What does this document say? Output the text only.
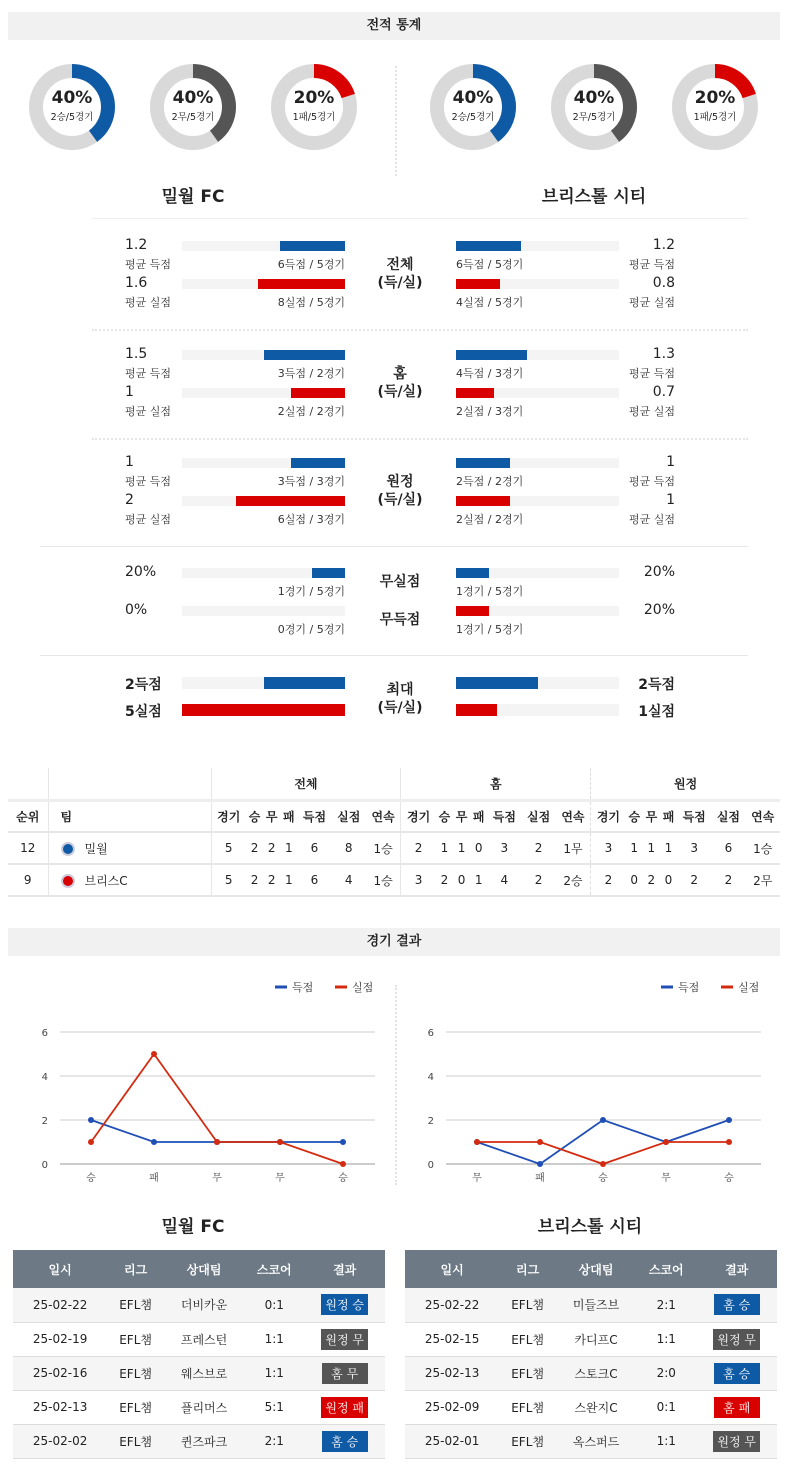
전적 통계
40%
2승/5경기
40%
2무/5경기
20%
1패/5경기
40%
2승/5경기
40%
2무/5경기
20%
1패/5경기
밀월 FC	브리스톨 시티
1.2
평균 득점	6득점 / 5경기
1.2
평균 득점
6득점 / 5경기
1.6
평균 실점	8실점 / 5경기
0.8
평균 실점
4실점 / 5경기
전체
(득/실)
1.5
평균 득점	3득점 / 2경기
1.3
평균 득점
4득점 / 3경기
1
평균 실점	2실점 / 2경기
0.7
평균 실점
2실점 / 3경기
홈
(득/실)
1
평균 득점	3득점 / 3경기
1
평균 득점
2득점 / 2경기
2
평균 실점	6실점 / 3경기
1
평균 실점
2실점 / 2경기
원정
(득/실)
20%
1경기 / 5경기
20%
1경기 / 5경기
무실점
0%
0경기 / 5경기
20%
1경기 / 5경기
무득점
2득점	2득점
5실점	1실점
최대
(득/실)
		전체							홈							원정						
순위	팀	경기	승	무	패	득점	실점	연속	경기	승	무	패	득점	실점	연속	경기	승	무	패	득점	실점	연속
12	밀월	5	2	2	1	6	8	1승	2	1	1	0	3	2	1무	3	1	1	1	3	6	1승
9	브리스C	5	2	2	1	6	4	1승	3	2	0	1	4	2	2승	2	0	2	0	2	2	2무
경기 결과
0
2
4
6
승	패	무	무	승
득점	실점
0
2
4
6
무	패	승	무	승
득점	실점
밀월 FC	브리스톨 시티
일시	리그	상대팀	스코어	결과
25-02-22	EFL챔	더비카운	0:1	원정 승
25-02-19	EFL챔	프레스턴	1:1	원정 무
25-02-16	EFL챔	웨스브로	1:1	홈 무
25-02-13	EFL챔	플리머스	5:1	원정 패
25-02-02	EFL챔	퀸즈파크	2:1	홈 승
일시	리그	상대팀	스코어	결과
25-02-22	EFL챔	미들즈브	2:1	홈 승
25-02-15	EFL챔	카디프C	1:1	원정 무
25-02-13	EFL챔	스토크C	2:0	홈 승
25-02-09	EFL챔	스완지C	0:1	홈 패
25-02-01	EFL챔	옥스퍼드	1:1	원정 무
